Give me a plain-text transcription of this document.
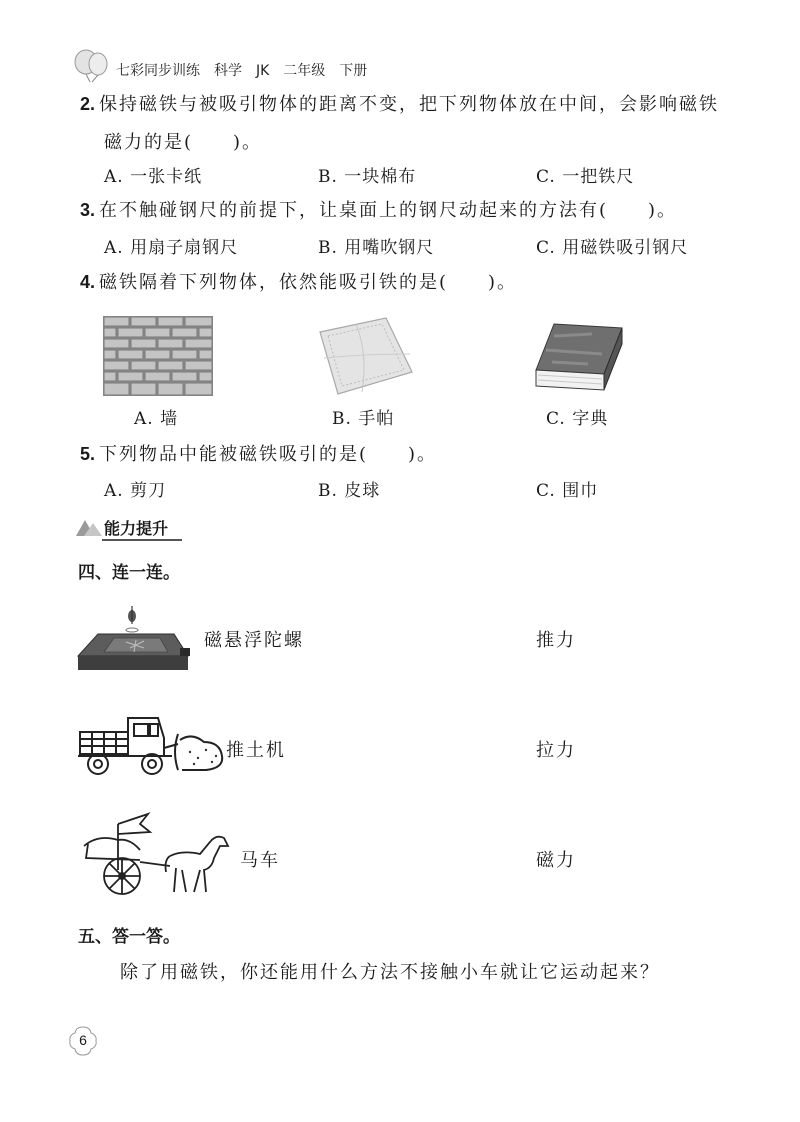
七彩同步训练　科学　JK　二年级　下册
2. 保持磁铁与被吸引物体的距离不变，把下列物体放在中间，会影响磁铁
磁力的是(　　)。
A. 一张卡纸	B. 一块棉布	C. 一把铁尺
3. 在不触碰钢尺的前提下，让桌面上的钢尺动起来的方法有(　　)。
A. 用扇子扇钢尺	B. 用嘴吹钢尺	C. 用磁铁吸引钢尺
4. 磁铁隔着下列物体，依然能吸引铁的是(　　)。
A. 墙	B. 手帕	C. 字典
5. 下列物品中能被磁铁吸引的是(　　)。
A. 剪刀	B. 皮球	C. 围巾
能力提升
四、连一连。
磁悬浮陀螺	推力
推土机	拉力
马车	磁力
五、答一答。
除了用磁铁，你还能用什么方法不接触小车就让它运动起来？
6
